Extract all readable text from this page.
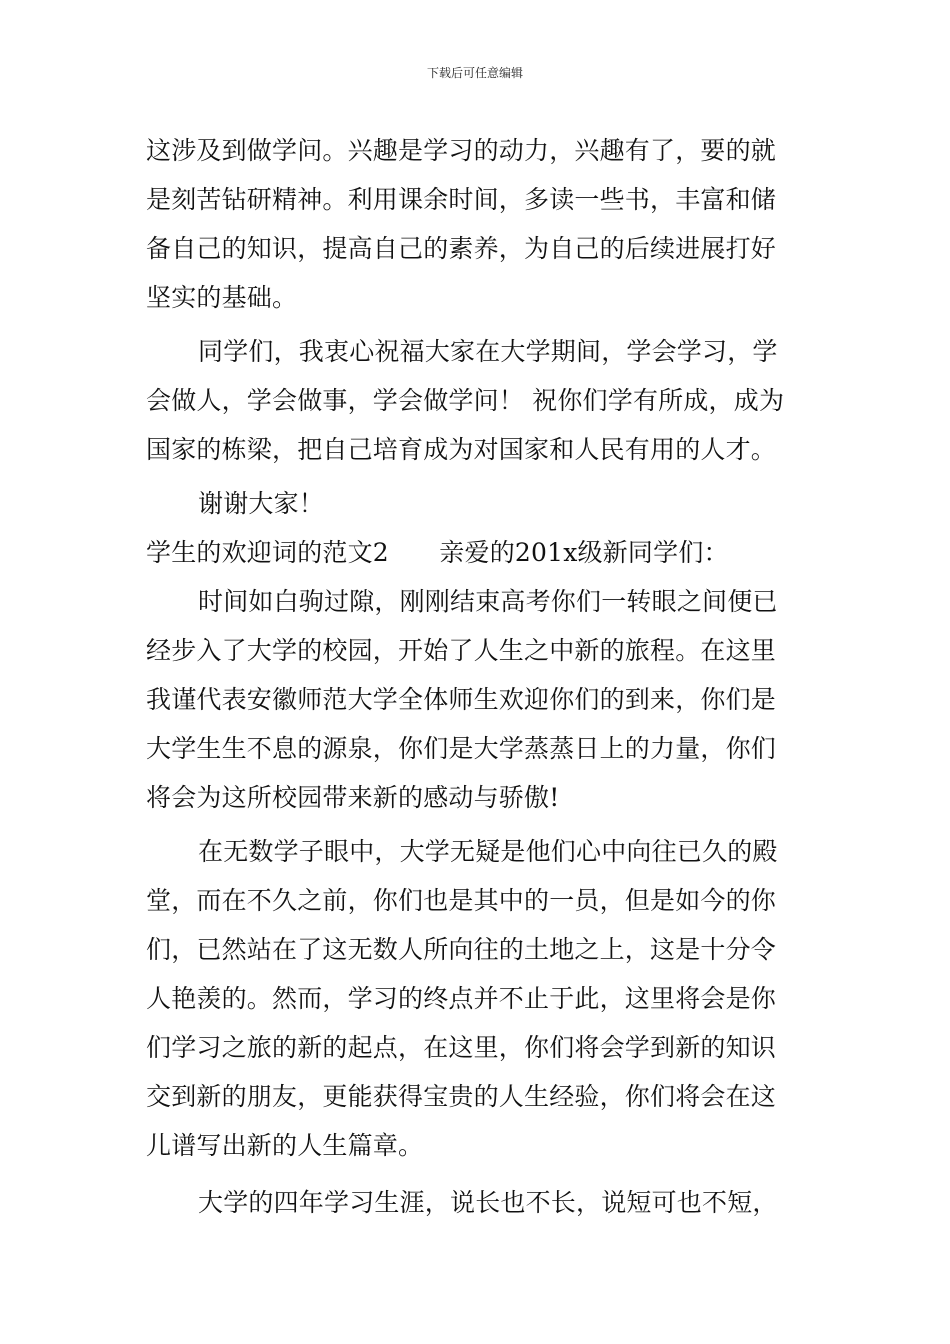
下载后可任意编辑
这涉及到做学问。兴趣是学习的动力，兴趣有了，要的就
是刻苦钻研精神。利用课余时间，多读一些书，丰富和储
备自己的知识，提高自己的素养，为自己的后续进展打好
坚实的基础。
同学们，我衷心祝福大家在大学期间，学会学习，学
会做人，学会做事，学会做学问！ 祝你们学有所成，成为
国家的栋梁，把自己培育成为对国家和人民有用的人才。
谢谢大家！
学生的欢迎词的范文2　　亲爱的201x级新同学们：
时间如白驹过隙，刚刚结束高考你们一转眼之间便已
经步入了大学的校园，开始了人生之中新的旅程。在这里
我谨代表安徽师范大学全体师生欢迎你们的到来，你们是
大学生生不息的源泉，你们是大学蒸蒸日上的力量，你们
将会为这所校园带来新的感动与骄傲!
在无数学子眼中，大学无疑是他们心中向往已久的殿
堂，而在不久之前，你们也是其中的一员，但是如今的你
们，已然站在了这无数人所向往的土地之上，这是十分令
人艳羡的。然而，学习的终点并不止于此，这里将会是你
们学习之旅的新的起点，在这里，你们将会学到新的知识
交到新的朋友，更能获得宝贵的人生经验，你们将会在这
儿谱写出新的人生篇章。
大学的四年学习生涯，说长也不长，说短可也不短，
